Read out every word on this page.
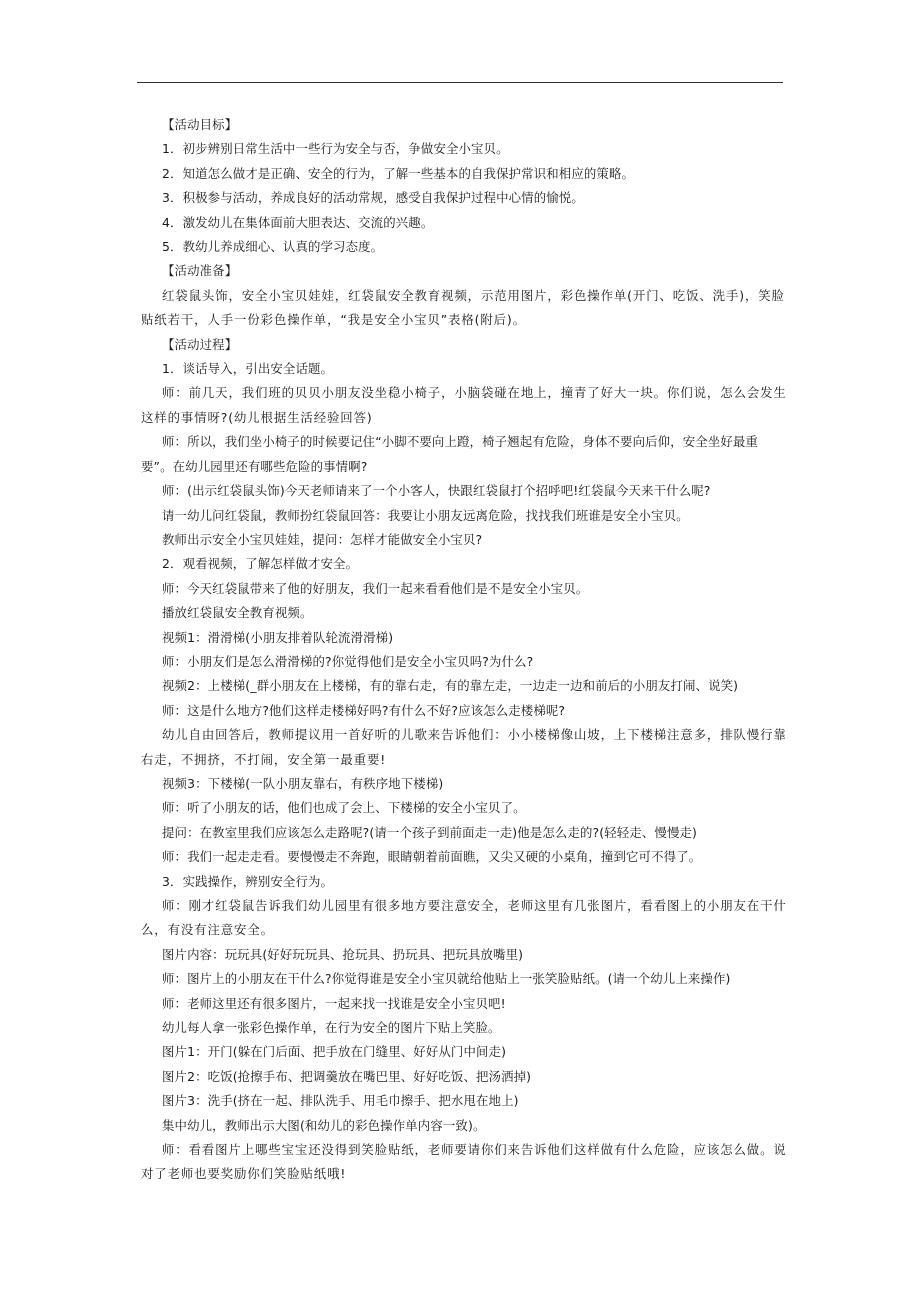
【活动目标】

1．初步辨别日常生活中一些行为安全与否，争做安全小宝贝。

2．知道怎么做才是正确、安全的行为，了解一些基本的自我保护常识和相应的策略。

3．积极参与活动，养成良好的活动常规，感受自我保护过程中心情的愉悦。

4．激发幼儿在集体面前大胆表达、交流的兴趣。

5．教幼儿养成细心、认真的学习态度。

【活动准备】

红袋鼠头饰，安全小宝贝娃娃，红袋鼠安全教育视频，示范用图片，彩色操作单(开门、吃饭、洗手)，笑脸贴纸若干，人手一份彩色操作单，“我是安全小宝贝”表格(附后)。

【活动过程】

1．谈话导入，引出安全话题。

师：前几天，我们班的贝贝小朋友没坐稳小椅子，小脑袋碰在地上，撞青了好大一块。你们说，怎么会发生这样的事情呀?(幼儿根据生活经验回答)

师：所以，我们坐小椅子的时候要记住“小脚不要向上蹬，椅子翘起有危险，身体不要向后仰，安全坐好最重要”。在幼儿园里还有哪些危险的事情啊?

师：(出示红袋鼠头饰)今天老师请来了一个小客人，快跟红袋鼠打个招呼吧!红袋鼠今天来干什么呢?

请一幼儿问红袋鼠，教师扮红袋鼠回答：我要让小朋友远离危险，找找我们班谁是安全小宝贝。

教师出示安全小宝贝娃娃，提问：怎样才能做安全小宝贝?

2．观看视频，了解怎样做才安全。

师：今天红袋鼠带来了他的好朋友，我们一起来看看他们是不是安全小宝贝。

播放红袋鼠安全教育视频。

视频1：滑滑梯(小朋友排着队轮流滑滑梯)

师：小朋友们是怎么滑滑梯的?你觉得他们是安全小宝贝吗?为什么?

视频2：上楼梯(_群小朋友在上楼梯，有的靠右走，有的靠左走，一边走一边和前后的小朋友打闹、说笑)

师：这是什么地方?他们这样走楼梯好吗?有什么不好?应该怎么走楼梯呢?

幼儿自由回答后，教师提议用一首好听的儿歌来告诉他们：小小楼梯像山坡，上下楼梯注意多，排队慢行靠右走，不拥挤，不打闹，安全第一最重要!

视频3：下楼梯(一队小朋友靠右，有秩序地下楼梯)

师：听了小朋友的话，他们也成了会上、下楼梯的安全小宝贝了。

提问：在教室里我们应该怎么走路呢?(请一个孩子到前面走一走)他是怎么走的?(轻轻走、慢慢走)

师：我们一起走走看。要慢慢走不奔跑，眼睛朝着前面瞧，又尖又硬的小桌角，撞到它可不得了。

3．实践操作，辨别安全行为。

师：刚才红袋鼠告诉我们幼儿园里有很多地方要注意安全，老师这里有几张图片，看看图上的小朋友在干什么，有没有注意安全。

图片内容：玩玩具(好好玩玩具、抢玩具、扔玩具、把玩具放嘴里)

师：图片上的小朋友在干什么?你觉得谁是安全小宝贝就给他贴上一张笑脸贴纸。(请一个幼儿上来操作)

师：老师这里还有很多图片，一起来找一找谁是安全小宝贝吧!

幼儿每人拿一张彩色操作单，在行为安全的图片下贴上笑脸。

图片1：开门(躲在门后面、把手放在门缝里、好好从门中间走)

图片2：吃饭(抢擦手布、把调羹放在嘴巴里、好好吃饭、把汤洒掉)

图片3：洗手(挤在一起、排队洗手、用毛巾擦手、把水甩在地上)

集中幼儿，教师出示大图(和幼儿的彩色操作单内容一致)。

师：看看图片上哪些宝宝还没得到笑脸贴纸，老师要请你们来告诉他们这样做有什么危险，应该怎么做。说对了老师也要奖励你们笑脸贴纸哦!
